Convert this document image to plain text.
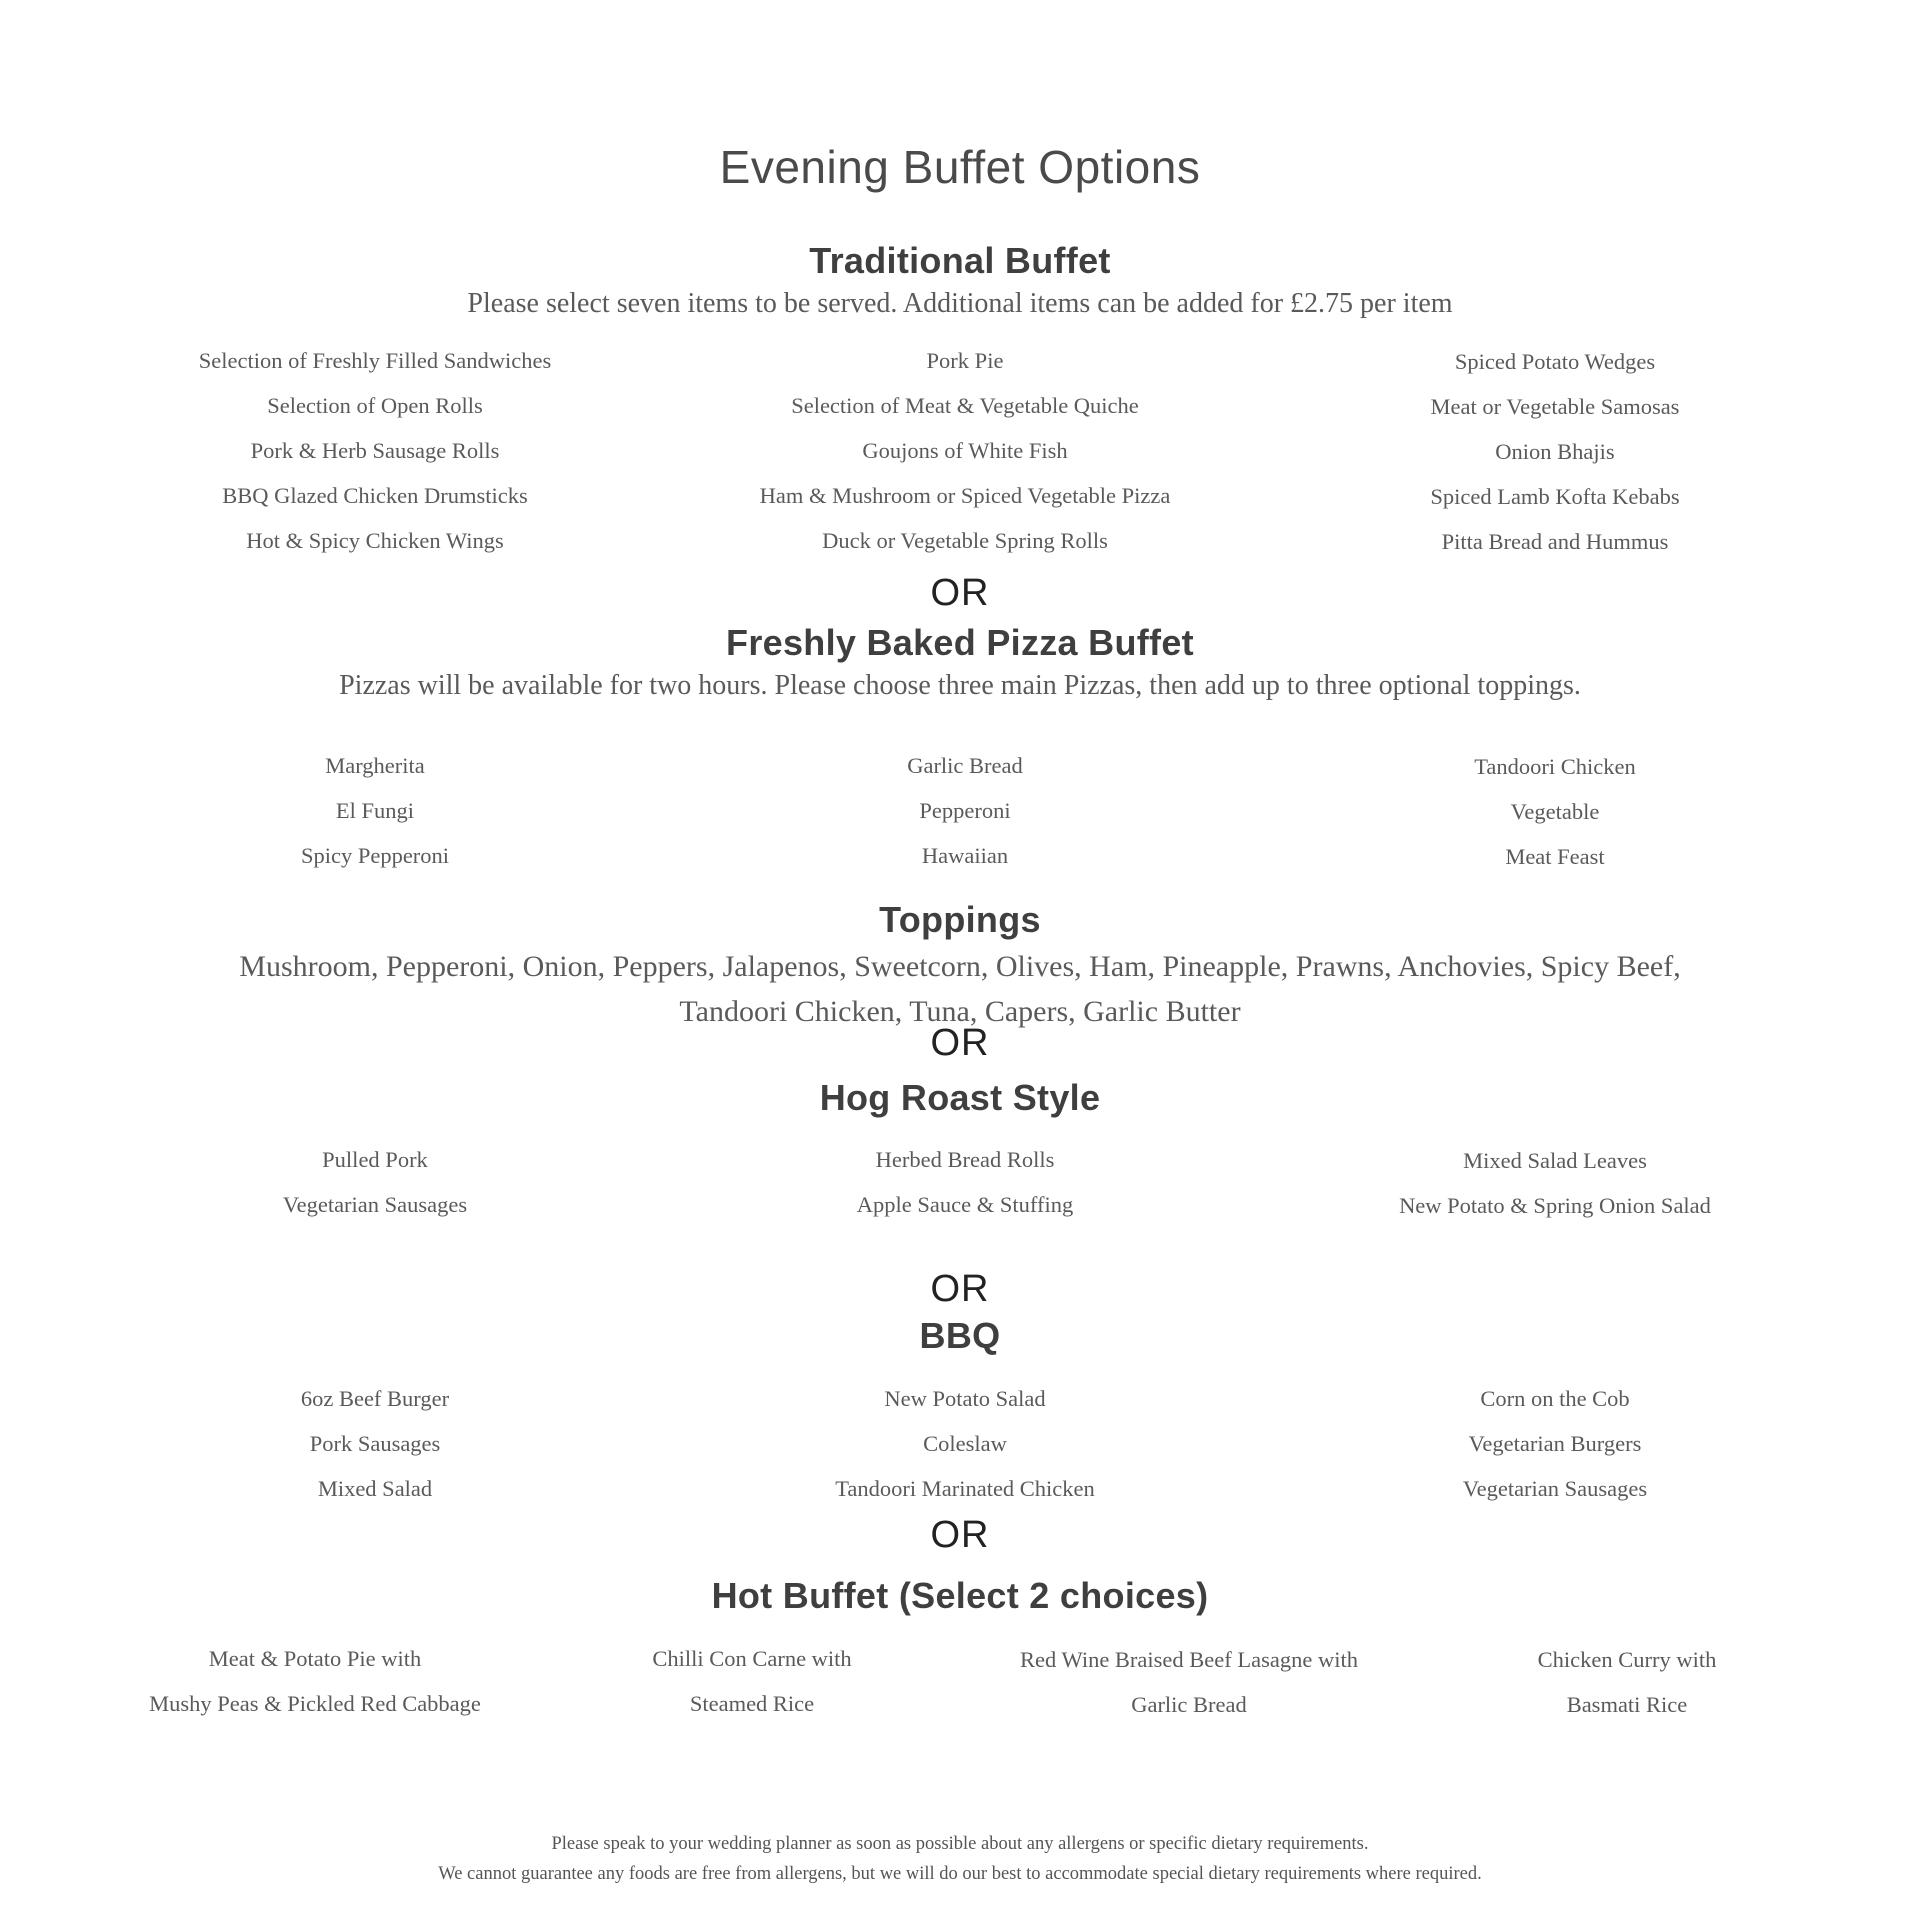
Evening Buffet Options
Traditional Buffet
Please select seven items to be served. Additional items can be added for £2.75 per item
Selection of Freshly Filled Sandwiches
Selection of Open Rolls
Pork & Herb Sausage Rolls
BBQ Glazed Chicken Drumsticks
Hot & Spicy Chicken Wings
Pork Pie
Selection of Meat & Vegetable Quiche
Goujons of White Fish
Ham & Mushroom or Spiced Vegetable Pizza
Duck or Vegetable Spring Rolls
Spiced Potato Wedges
Meat or Vegetable Samosas
Onion Bhajis
Spiced Lamb Kofta Kebabs
Pitta Bread and Hummus
OR
Freshly Baked Pizza Buffet
Pizzas will be available for two hours. Please choose three main Pizzas, then add up to three optional toppings.
Margherita
El Fungi
Spicy Pepperoni
Garlic Bread
Pepperoni
Hawaiian
Tandoori Chicken
Vegetable
Meat Feast
Toppings
Mushroom, Pepperoni, Onion, Peppers, Jalapenos, Sweetcorn, Olives, Ham, Pineapple, Prawns, Anchovies, Spicy Beef,
Tandoori Chicken, Tuna, Capers, Garlic Butter
OR
Hog Roast Style
Pulled Pork
Vegetarian Sausages
Herbed Bread Rolls
Apple Sauce & Stuffing
Mixed Salad Leaves
New Potato & Spring Onion Salad
OR
BBQ
6oz Beef Burger
Pork Sausages
Mixed Salad
New Potato Salad
Coleslaw
Tandoori Marinated Chicken
Corn on the Cob
Vegetarian Burgers
Vegetarian Sausages
OR
Hot Buffet (Select 2 choices)
Meat & Potato Pie with
Mushy Peas & Pickled Red Cabbage
Chilli Con Carne with
Steamed Rice
Red Wine Braised Beef Lasagne with
Garlic Bread
Chicken Curry with
Basmati Rice
Please speak to your wedding planner as soon as possible about any allergens or specific dietary requirements.
We cannot guarantee any foods are free from allergens, but we will do our best to accommodate special dietary requirements where required.
